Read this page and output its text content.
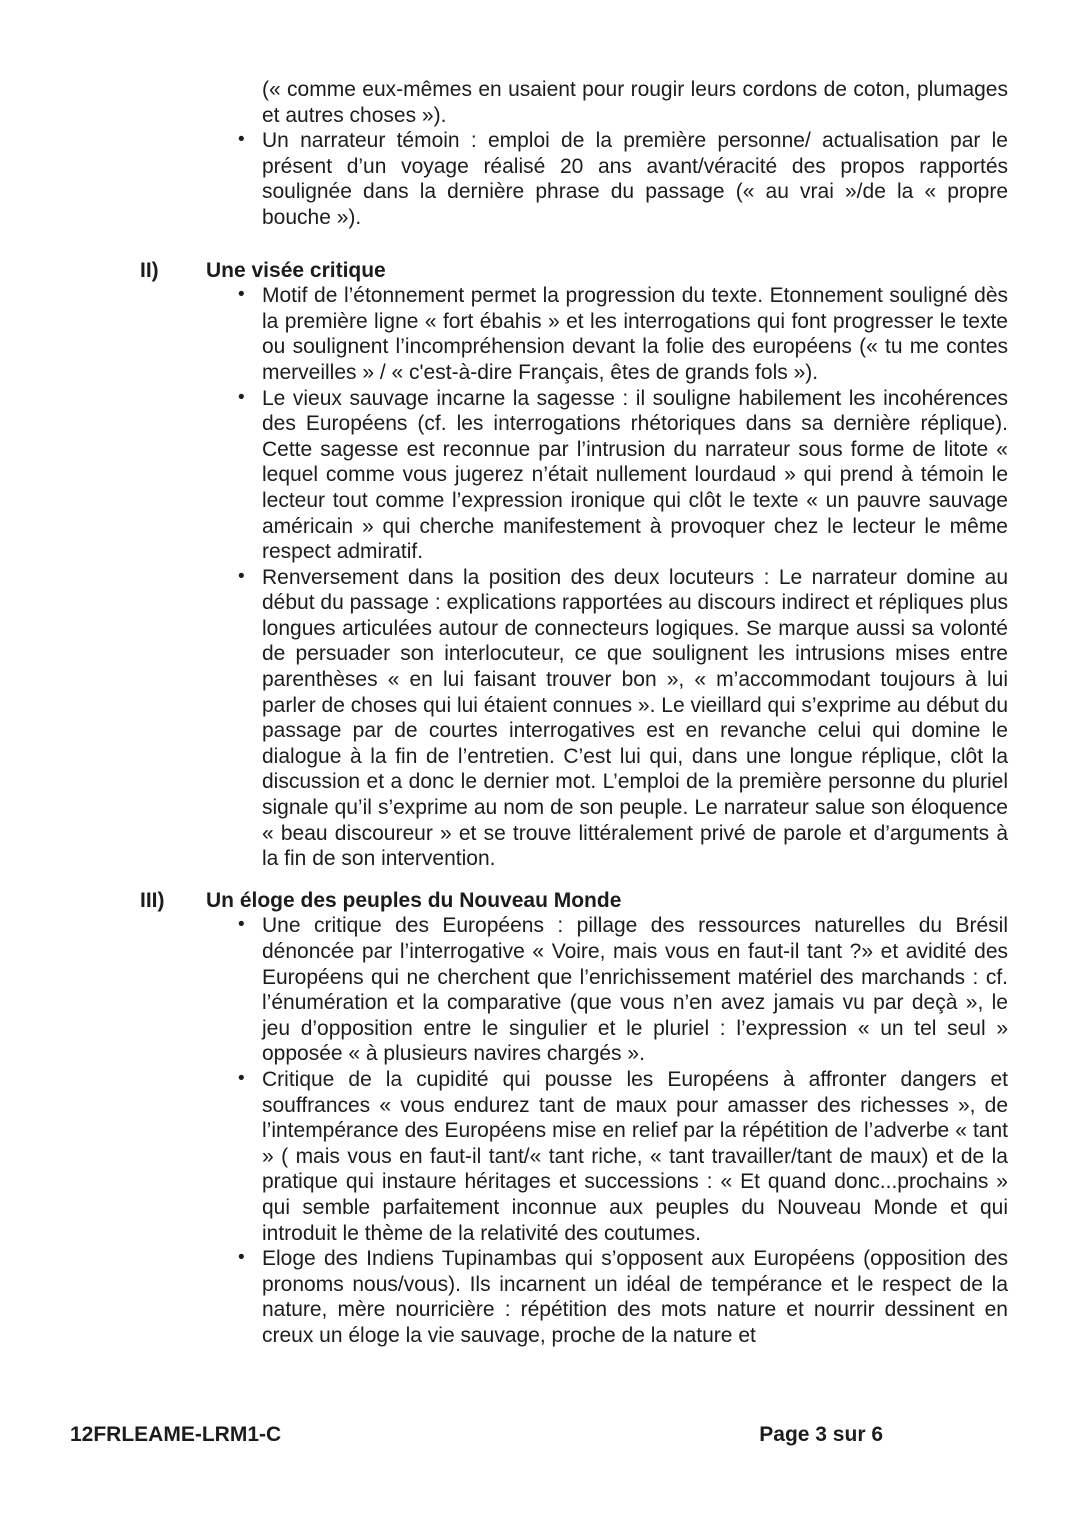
(« comme eux-mêmes en usaient pour rougir leurs cordons de coton, plumages et autres choses »).

• Un narrateur témoin : emploi de la première personne/ actualisation par le présent d’un voyage réalisé 20 ans avant/véracité des propos rapportés soulignée dans la dernière phrase du passage (« au vrai »/de la « propre bouche »).
II) Une visée critique
• Motif de l’étonnement permet la progression du texte. Etonnement souligné dès la première ligne « fort ébahis » et les interrogations qui font progresser le texte ou soulignent l’incompréhension devant la folie des européens (« tu me contes merveilles » / « c'est-à-dire Français, êtes de grands fols »).
• Le vieux sauvage incarne la sagesse : il souligne habilement les incohérences des Européens (cf. les interrogations rhétoriques dans sa dernière réplique). Cette sagesse est reconnue par l’intrusion du narrateur sous forme de litote « lequel comme vous jugerez n’était nullement lourdaud » qui prend à témoin le lecteur tout comme l’expression ironique qui clôt le texte « un pauvre sauvage américain » qui cherche manifestement à provoquer chez le lecteur le même respect admiratif.
• Renversement dans la position des deux locuteurs : Le narrateur domine au début du passage : explications rapportées au discours indirect et répliques plus longues articulées autour de connecteurs logiques. Se marque aussi sa volonté de persuader son interlocuteur, ce que soulignent les intrusions mises entre parenthèses « en lui faisant trouver bon », « m’accommodant toujours à lui parler de choses qui lui étaient connues ». Le vieillard qui s’exprime au début du passage par de courtes interrogatives est en revanche celui qui domine le dialogue à la fin de l’entretien. C’est lui qui, dans une longue réplique, clôt la discussion et a donc le dernier mot. L’emploi de la première personne du pluriel signale qu’il s’exprime au nom de son peuple. Le narrateur salue son éloquence « beau discoureur » et se trouve littéralement privé de parole et d’arguments à la fin de son intervention.
III) Un éloge des peuples du Nouveau Monde
• Une critique des Européens : pillage des ressources naturelles du Brésil dénoncée par l’interrogative « Voire, mais vous en faut-il tant ?» et avidité des Européens qui ne cherchent que l’enrichissement matériel des marchands : cf. l’énumération et la comparative (que vous n’en avez jamais vu par deçà », le jeu d’opposition entre le singulier et le pluriel : l’expression « un tel seul » opposée « à plusieurs navires chargés ».
• Critique de la cupidité qui pousse les Européens à affronter dangers et souffrances « vous endurez tant de maux pour amasser des richesses », de l’intempérance des Européens mise en relief par la répétition de l’adverbe « tant » ( mais vous en faut-il tant/« tant riche, « tant travailler/tant de maux) et de la pratique qui instaure héritages et successions : « Et quand donc...prochains » qui semble parfaitement inconnue aux peuples du Nouveau Monde et qui introduit le thème de la relativité des coutumes.
• Eloge des Indiens Tupinambas qui s’opposent aux Européens (opposition des pronoms nous/vous). Ils incarnent un idéal de tempérance et le respect de la nature, mère nourricière : répétition des mots nature et nourrir dessinent en creux un éloge la vie sauvage, proche de la nature et
12FRLEAME-LRM1-C	Page 3 sur 6
